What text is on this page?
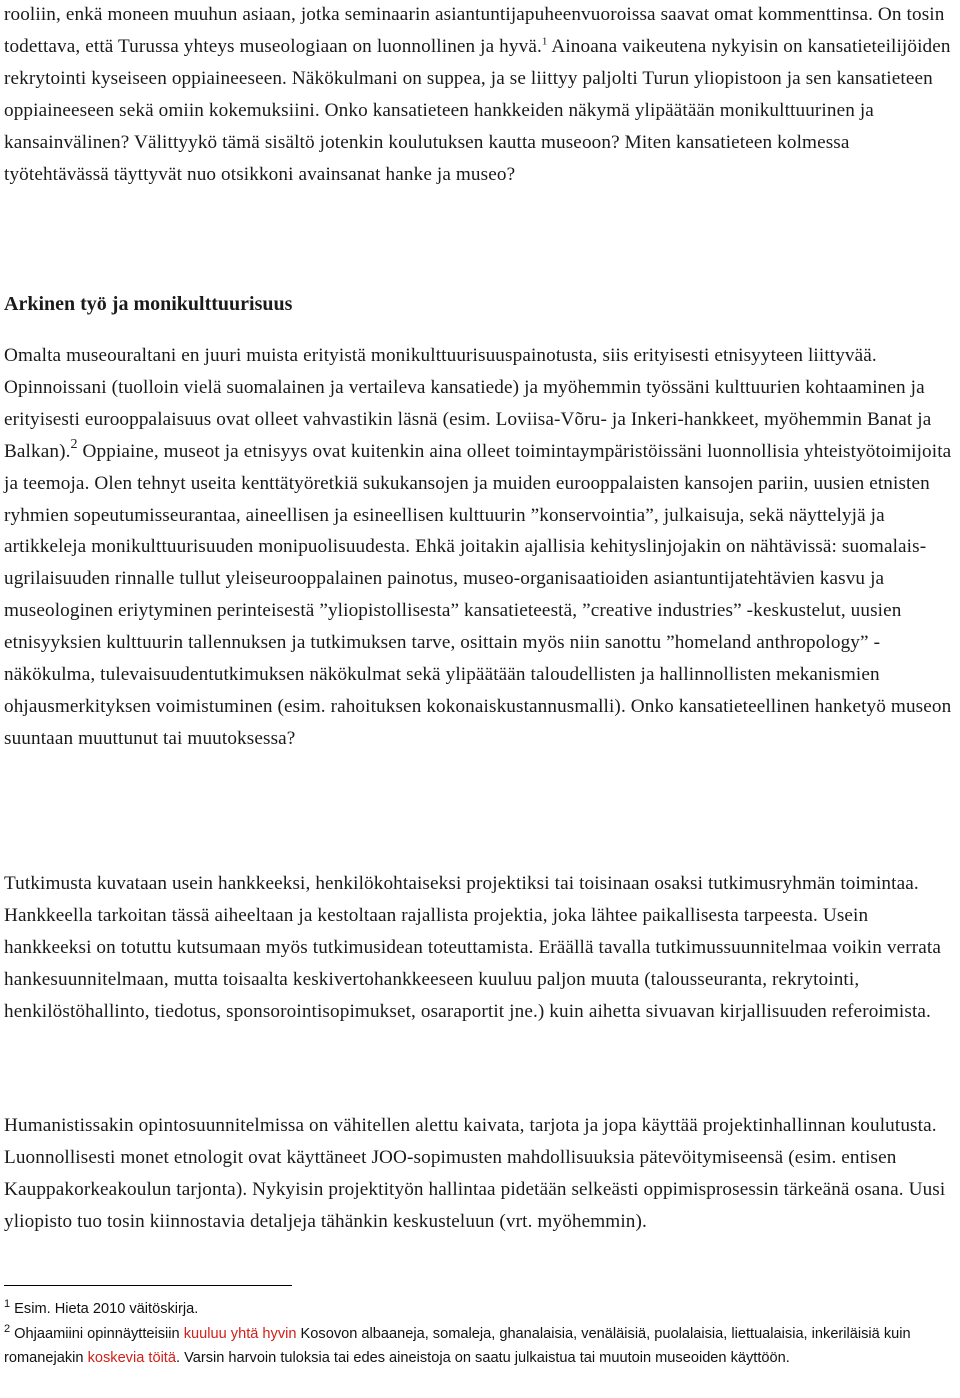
rooliin, enkä moneen muuhun asiaan, jotka seminaarin asiantuntijapuheenvuoroissa saavat omat kommenttinsa. On tosin todettava, että Turussa yhteys museologiaan on luonnollinen ja hyvä.$^1$ Ainoana vaikeutena nykyisin on kansatieteilijöiden rekrytointi kyseiseen oppiaineeseen. Näkökulmani on suppea, ja se liittyy paljolti Turun yliopistoon ja sen kansatieteen oppiaineeseen sekä omiin kokemuksiini. Onko kansatieteen hankkeiden näkymä ylipäätään monikulttuurinen ja kansainvälinen? Välittyykö tämä sisältö jotenkin koulutuksen kautta museoon? Miten kansatieteen kolmessa työtehtävässä täyttyvät nuo otsikkoni avainsanat hanke ja museo?

Arkinen työ ja monikulttuurisuus

Omalta museouraltani en juuri muista erityistä monikulttuurisuuspainotusta, siis erityisesti etnisyyteen liittyvää. Opinnoissani (tuolloin vielä suomalainen ja vertaileva kansatiede) ja myöhemmin työssäni kulttuurien kohtaaminen ja erityisesti eurooppalaisuus ovat olleet vahvastikin läsnä (esim. Loviisa-Võru- ja Inkeri-hankkeet, myöhemmin Banat ja Balkan).$^2$ Oppiaine, museot ja etnisyys ovat kuitenkin aina olleet toimintaympäristöissäni luonnollisia yhteistyötoimijoita ja teemoja. Olen tehnyt useita kenttätyöretkiä sukukansojen ja muiden eurooppalaisten kansojen pariin, uusien etnisten ryhmien sopeutumisseurantaa, aineellisen ja esineellisen kulttuurin ”konservointia”, julkaisuja, sekä näyttelyjä ja artikkeleja monikulttuurisuuden monipuolisuudesta. Ehkä joitakin ajallisia kehityslinjojakin on nähtävissä: suomalais-ugrilaisuuden rinnalle tullut yleiseurooppalainen painotus, museo-organisaatioiden asiantuntijatehtävien kasvu ja museologinen eriytyminen perinteisestä ”yliopistollisesta” kansatieteestä, ”creative industries” -keskustelut, uusien etnisyyksien kulttuurin tallennuksen ja tutkimuksen tarve, osittain myös niin sanottu ”homeland anthropology” -näkökulma, tulevaisuudentutkimuksen näkökulmat sekä ylipäätään taloudellisten ja hallinnollisten mekanismien ohjausmerkityksen voimistuminen (esim. rahoituksen kokonaiskustannusmalli). Onko kansatieteellinen hanketyö museon suuntaan muuttunut tai muutoksessa?

Tutkimusta kuvataan usein hankkeeksi, henkilökohtaiseksi projektiksi tai toisinaan osaksi tutkimusryhmän toimintaa. Hankkeella tarkoitan tässä aiheeltaan ja kestoltaan rajallista projektia, joka lähtee paikallisesta tarpeesta. Usein hankkeeksi on totuttu kutsumaan myös tutkimusidean toteuttamista. Eräällä tavalla tutkimussuunnitelmaa voikin verrata hankesuunnitelmaan, mutta toisaalta keskivertohankkeeseen kuuluu paljon muuta (talousseuranta, rekrytointi, henkilöstöhallinto, tiedotus, sponsorointisopimukset, osaraportit jne.) kuin aihetta sivuavan kirjallisuuden referoimista.

Humanistissakin opintosuunnitelmissa on vähitellen alettu kaivata, tarjota ja jopa käyttää projektinhallinnan koulutusta. Luonnollisesti monet etnologit ovat käyttäneet JOO-sopimusten mahdollisuuksia pätevöitymiseensä (esim. entisen Kauppakorkeakoulun tarjonta). Nykyisin projektityön hallintaa pidetään selkeästi oppimisprosessin tärkeänä osana. Uusi yliopisto tuo tosin kiinnostavia detaljeja tähänkin keskusteluun (vrt. myöhemmin).

$^1$ Esim. Hieta 2010 väitöskirja.

$^2$ Ohjaamiini opinnäytteisiin kuuluu yhtä hyvin Kosovon albaaneja, somaleja, ghanalaisia, venäläisiä, puolalaisia, liettualaisia, inkeriläisiä kuin romanejakin koskevia töitä. Varsin harvoin tuloksia tai edes aineistoja on saatu julkaistua tai muutoin museoiden käyttöön.
